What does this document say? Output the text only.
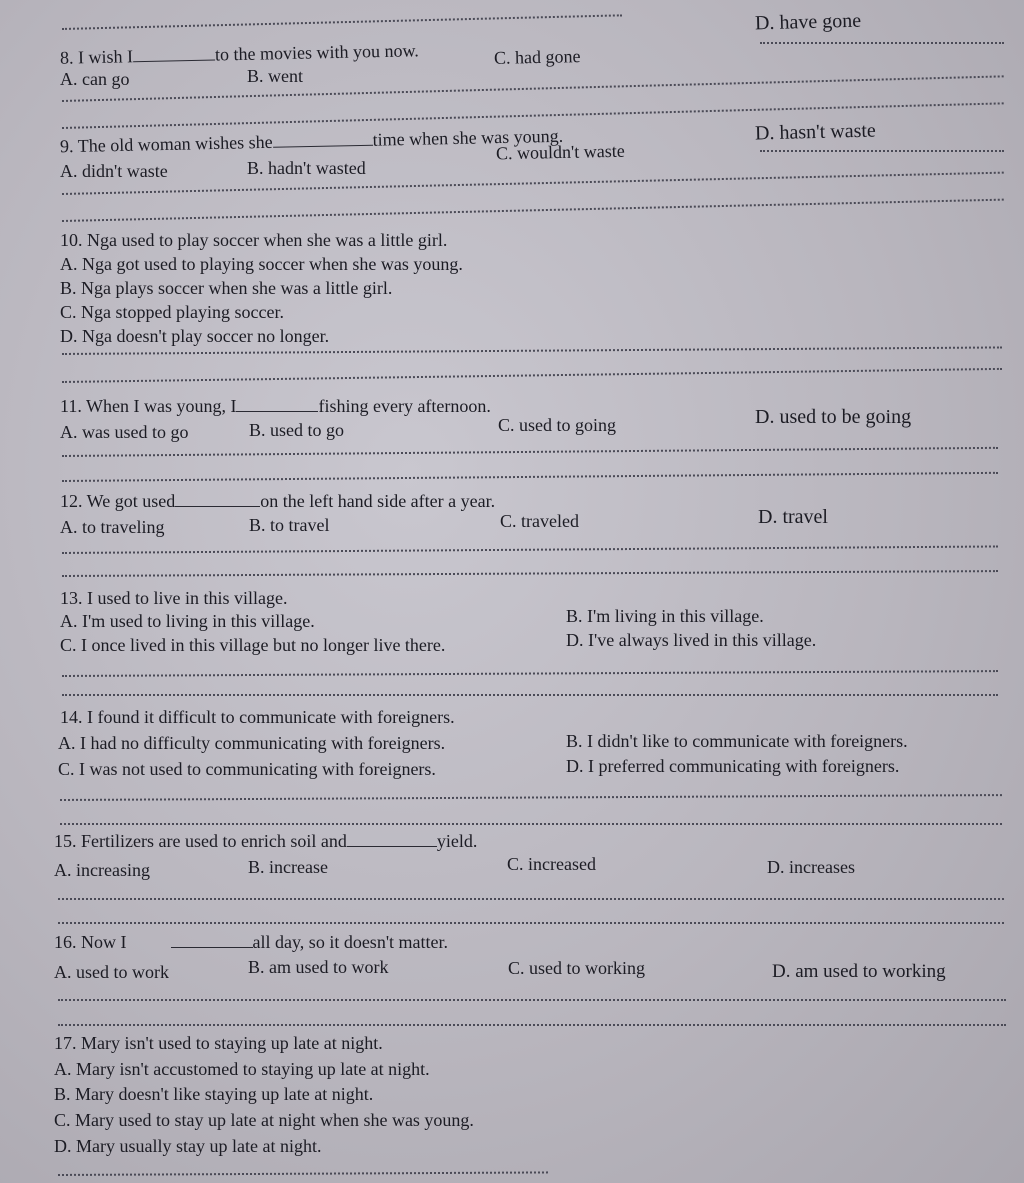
8. I wish I	to the movies with you now.
A. can go	B. went
C. had gone
D. have gone
9. The old woman wishes she	time when she was young.
A. didn't waste	B. hadn't wasted
C. wouldn't waste
D. hasn't waste
10. Nga used to play soccer when she was a little girl.
A. Nga got used to playing soccer when she was young.
B. Nga plays soccer when she was a little girl.
C. Nga stopped playing soccer.
D. Nga doesn't play soccer no longer.
11. When I was young, I	fishing every afternoon.
A. was used to go	B. used to go	C. used to going	D. used to be going
12. We got used	on the left hand side after a year.
A. to traveling	B. to travel	C. traveled	D. travel
13. I used to live in this village.
A. I'm used to living in this village.	B. I'm living in this village.
C. I once lived in this village but no longer live there.	D. I've always lived in this village.
14. I found it difficult to communicate with foreigners.
A. I had no difficulty communicating with foreigners.	B. I didn't like to communicate with foreigners.
C. I was not used to communicating with foreigners.	D. I preferred communicating with foreigners.
15. Fertilizers are used to enrich soil and	yield.
A. increasing	B. increase	C. increased	D. increases
16. Now I	all day, so it doesn't matter.
A. used to work	B. am used to work	C. used to working	D. am used to working
17. Mary isn't used to staying up late at night.
A. Mary isn't accustomed to staying up late at night.
B. Mary doesn't like staying up late at night.
C. Mary used to stay up late at night when she was young.
D. Mary usually stay up late at night.
